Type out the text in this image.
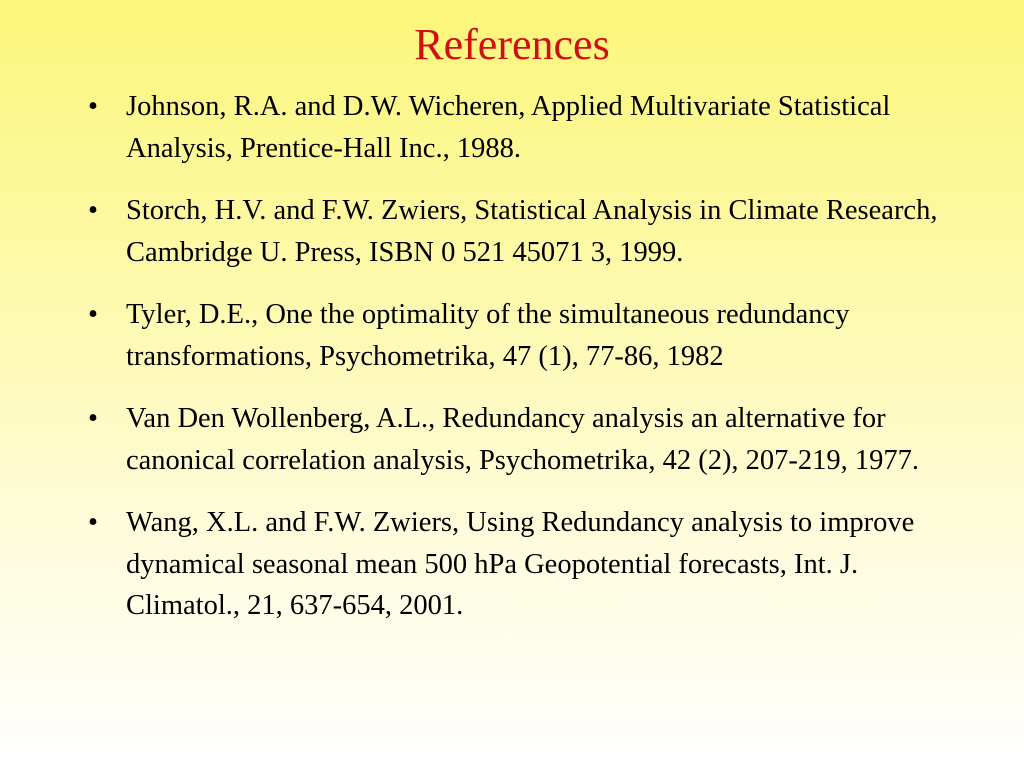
References
• Johnson, R.A. and D.W. Wicheren, Applied Multivariate Statistical Analysis, Prentice-Hall Inc., 1988.
• Storch, H.V. and F.W. Zwiers, Statistical Analysis in Climate Research, Cambridge U. Press, ISBN 0 521 45071 3, 1999.
• Tyler, D.E., One the optimality of the simultaneous redundancy transformations, Psychometrika, 47 (1), 77-86, 1982
• Van Den Wollenberg, A.L., Redundancy analysis an alternative for canonical correlation analysis, Psychometrika, 42 (2), 207-219, 1977.
• Wang, X.L. and F.W. Zwiers, Using Redundancy analysis to improve dynamical seasonal mean 500 hPa Geopotential forecasts, Int. J. Climatol., 21, 637-654, 2001.
